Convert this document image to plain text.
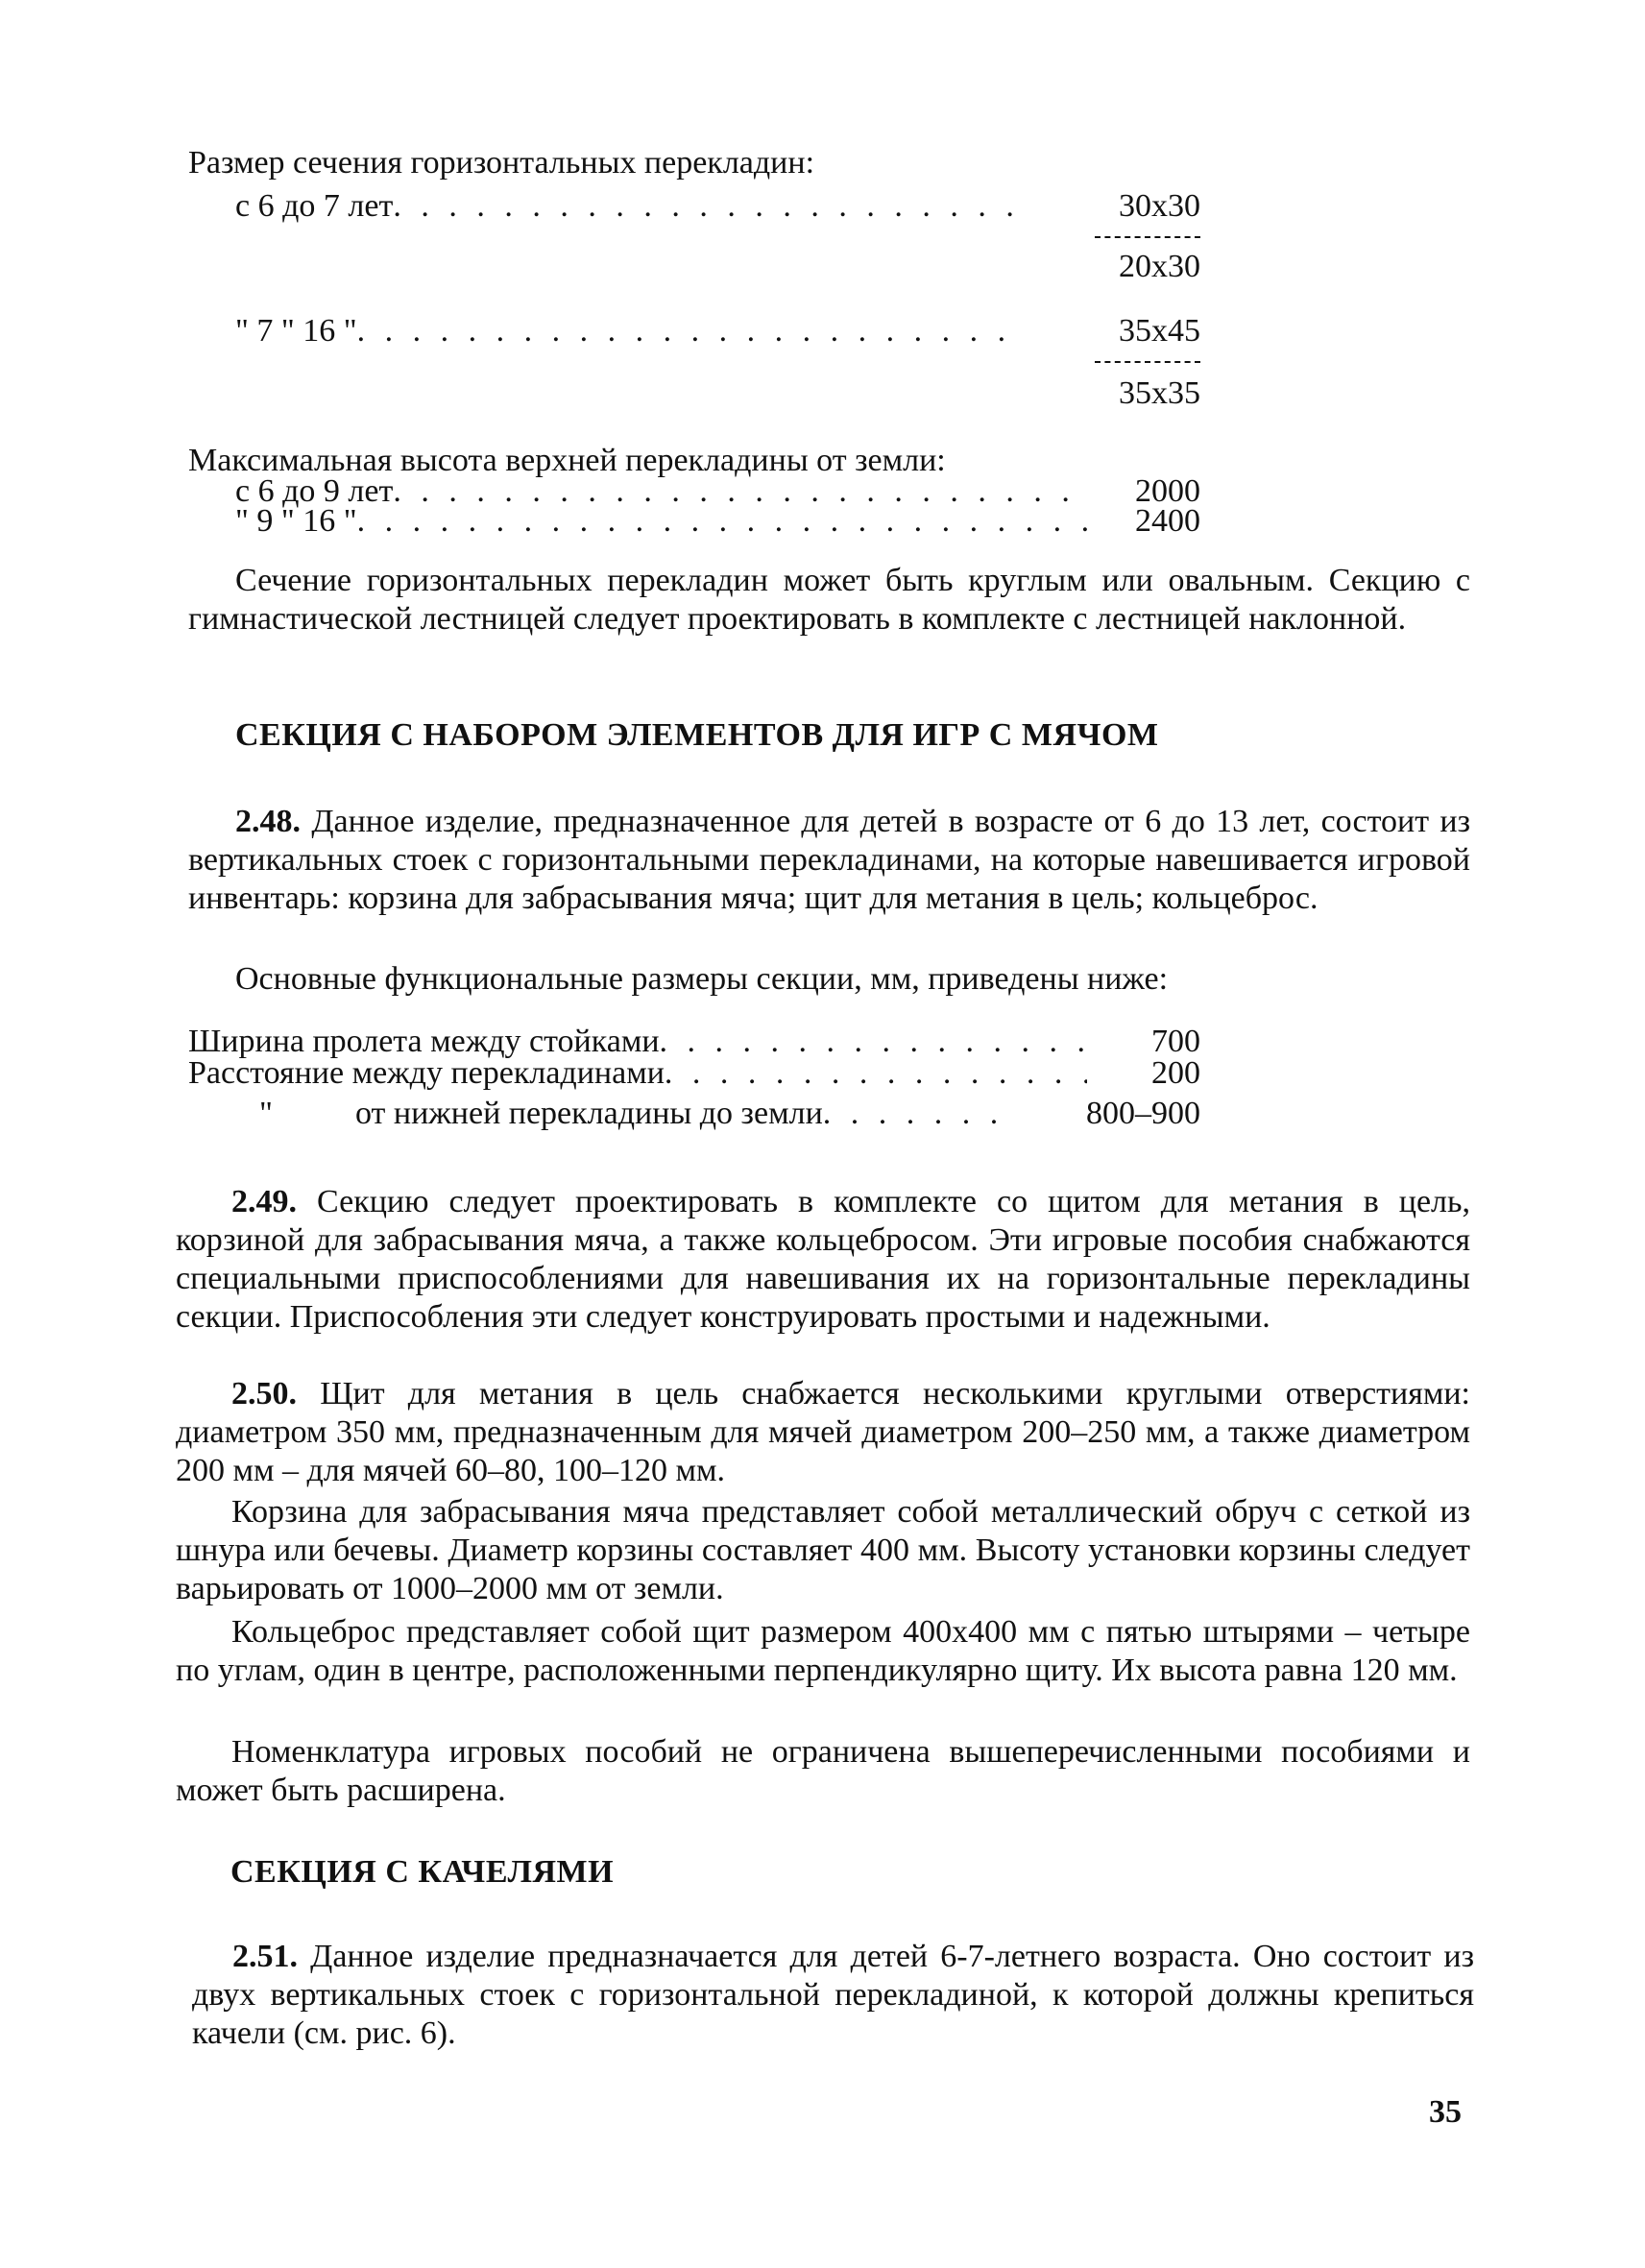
Размер сечения горизонтальных перекладин:
с 6 до 7 лет . . .	30x30
20x30
" 7 " 16 " . . .	35x45
35x35
Максимальная высота верхней перекладины от земли:
с 6 до 9 лет . . .	2000
" 9 " 16 " . . .	2400
Сечение горизонтальных перекладин может быть круглым или овальным. Секцию с гимнастической лестницей следует проектировать в комплекте с лестницей наклонной.
СЕКЦИЯ С НАБОРОМ ЭЛЕМЕНТОВ ДЛЯ ИГР С МЯЧОМ
2.48. Данное изделие, предназначенное для детей в возрасте от 6 до 13 лет, состоит из вертикальных стоек с горизонтальными перекладинами, на которые навешивается игровой инвентарь: корзина для забрасывания мяча; щит для метания в цель; кольцеброс.
Основные функциональные размеры секции, мм, приведены ниже:
Ширина пролета между стойками . . .	700
Расстояние между перекладинами . . .	200
"	от нижней перекладины до земли . . .	800–900
2.49. Секцию следует проектировать в комплекте со щитом для метания в цель, корзиной для забрасывания мяча, а также кольцебросом. Эти игровые пособия снабжаются специальными приспособлениями для навешивания их на горизонтальные перекладины секции. Приспособления эти следует конструировать простыми и надежными.
2.50. Щит для метания в цель снабжается несколькими круглыми отверстиями: диаметром 350 мм, предназначенным для мячей диаметром 200–250 мм, а также диаметром 200 мм – для мячей 60–80, 100–120 мм.
Корзина для забрасывания мяча представляет собой металлический обруч с сеткой из шнура или бечевы. Диаметр корзины составляет 400 мм. Высоту установки корзины следует варьировать от 1000–2000 мм от земли.
Кольцеброс представляет собой щит размером 400x400 мм с пятью штырями – четыре по углам, один в центре, расположенными перпендикулярно щиту. Их высота равна 120 мм.
Номенклатура игровых пособий не ограничена вышеперечисленными пособиями и может быть расширена.
СЕКЦИЯ С КАЧЕЛЯМИ
2.51. Данное изделие предназначается для детей 6-7-летнего возраста. Оно состоит из двух вертикальных стоек с горизонтальной перекладиной, к которой должны крепиться качели (см. рис. 6).
35
